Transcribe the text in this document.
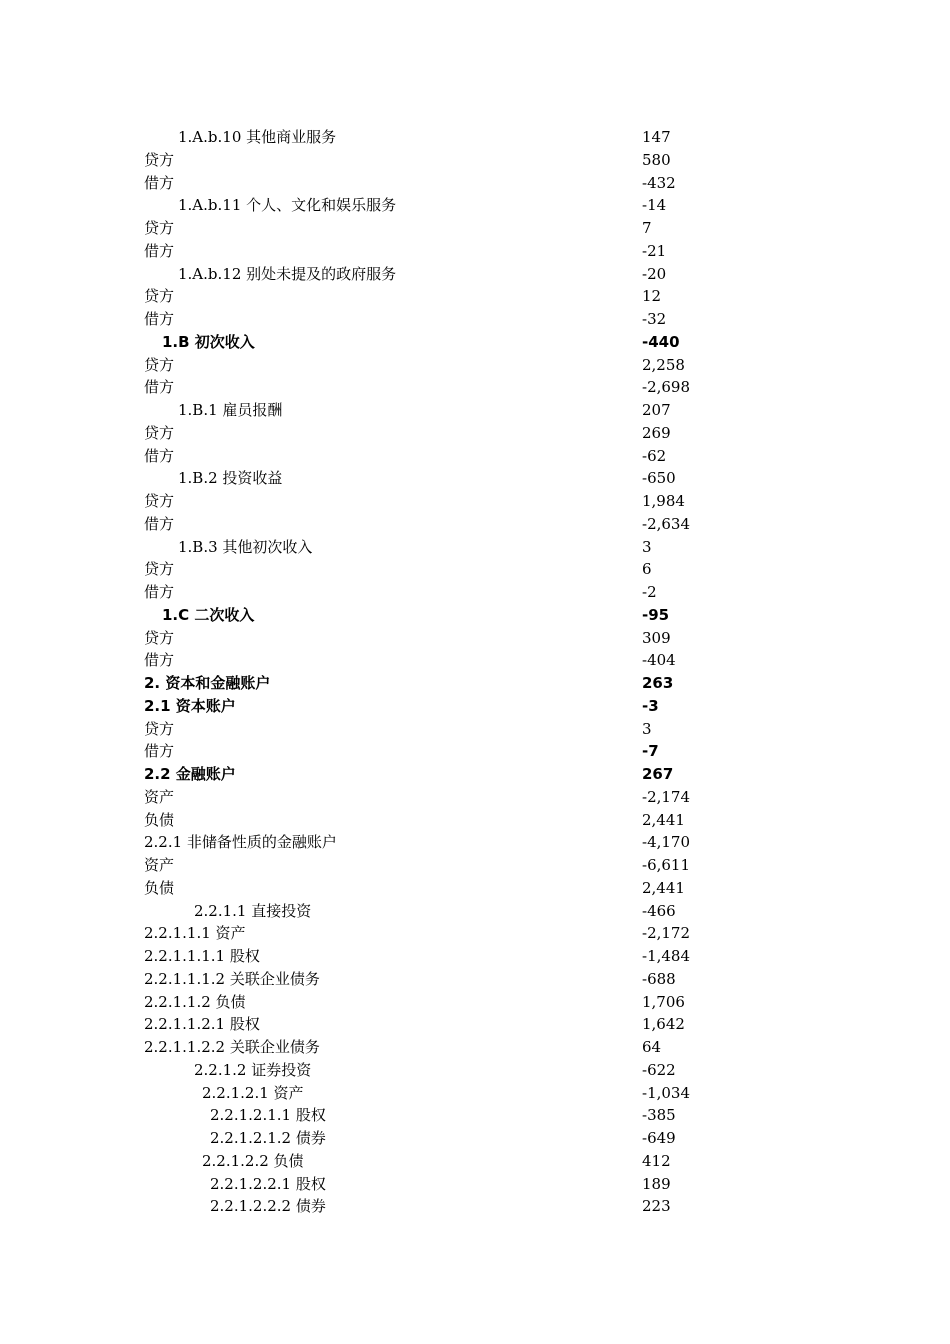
1.A.b.10 其他商业服务	147
贷方	580
借方	-432
1.A.b.11 个人、文化和娱乐服务	-14
贷方	7
借方	-21
1.A.b.12 别处未提及的政府服务	-20
贷方	12
借方	-32
1.B 初次收入	-440
贷方	2,258
借方	-2,698
1.B.1 雇员报酬	207
贷方	269
借方	-62
1.B.2 投资收益	-650
贷方	1,984
借方	-2,634
1.B.3 其他初次收入	3
贷方	6
借方	-2
1.C 二次收入	-95
贷方	309
借方	-404
2. 资本和金融账户	263
2.1 资本账户	-3
贷方	3
借方	-7
2.2 金融账户	267
资产	-2,174
负债	2,441
2.2.1 非储备性质的金融账户	-4,170
资产	-6,611
负债	2,441
2.2.1.1 直接投资	-466
2.2.1.1.1 资产	-2,172
2.2.1.1.1.1 股权	-1,484
2.2.1.1.1.2 关联企业债务	-688
2.2.1.1.2 负债	1,706
2.2.1.1.2.1 股权	1,642
2.2.1.1.2.2 关联企业债务	64
2.2.1.2 证券投资	-622
2.2.1.2.1 资产	-1,034
2.2.1.2.1.1 股权	-385
2.2.1.2.1.2 债券	-649
2.2.1.2.2 负债	412
2.2.1.2.2.1 股权	189
2.2.1.2.2.2 债券	223
